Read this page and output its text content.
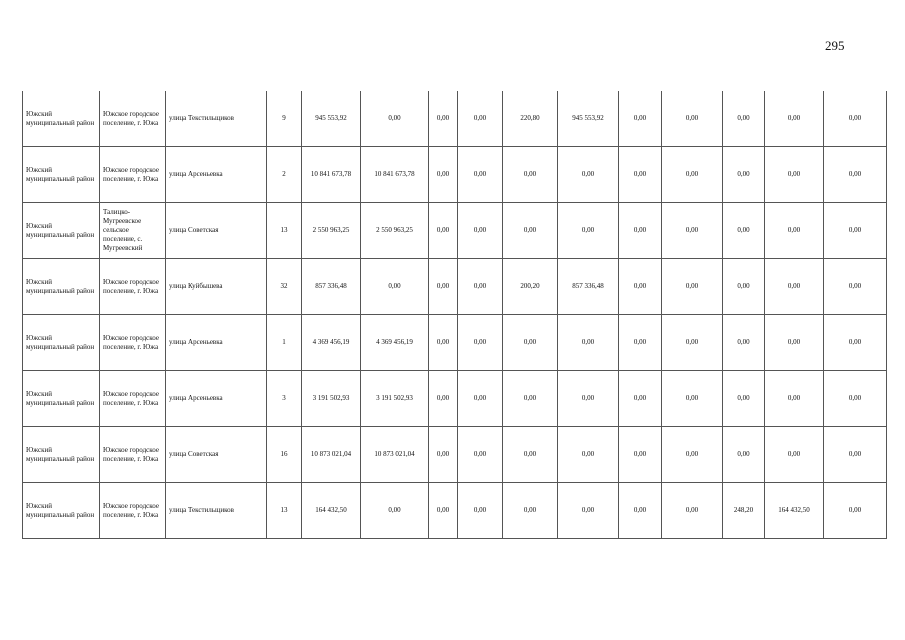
295
Южский муниципальный район	Южское городское поселение, г. Южа	улица Текстильщиков	9	945 553,92	0,00	0,00	0,00	220,80	945 553,92	0,00	0,00	0,00	0,00	0,00
Южский муниципальный район	Южское городское поселение, г. Южа	улица Арсеньевка	2	10 841 673,78	10 841 673,78	0,00	0,00	0,00	0,00	0,00	0,00	0,00	0,00	0,00
Южский муниципальный район	Талицко-Мугреевское сельское поселение, с. Мугреевский	улица Советская	13	2 550 963,25	2 550 963,25	0,00	0,00	0,00	0,00	0,00	0,00	0,00	0,00	0,00
Южский муниципальный район	Южское городское поселение, г. Южа	улица Куйбышева	32	857 336,48	0,00	0,00	0,00	200,20	857 336,48	0,00	0,00	0,00	0,00	0,00
Южский муниципальный район	Южское городское поселение, г. Южа	улица Арсеньевка	1	4 369 456,19	4 369 456,19	0,00	0,00	0,00	0,00	0,00	0,00	0,00	0,00	0,00
Южский муниципальный район	Южское городское поселение, г. Южа	улица Арсеньевка	3	3 191 502,93	3 191 502,93	0,00	0,00	0,00	0,00	0,00	0,00	0,00	0,00	0,00
Южский муниципальный район	Южское городское поселение, г. Южа	улица Советская	16	10 873 021,04	10 873 021,04	0,00	0,00	0,00	0,00	0,00	0,00	0,00	0,00	0,00
Южский муниципальный район	Южское городское поселение, г. Южа	улица Текстильщиков	13	164 432,50	0,00	0,00	0,00	0,00	0,00	0,00	0,00	248,20	164 432,50	0,00
